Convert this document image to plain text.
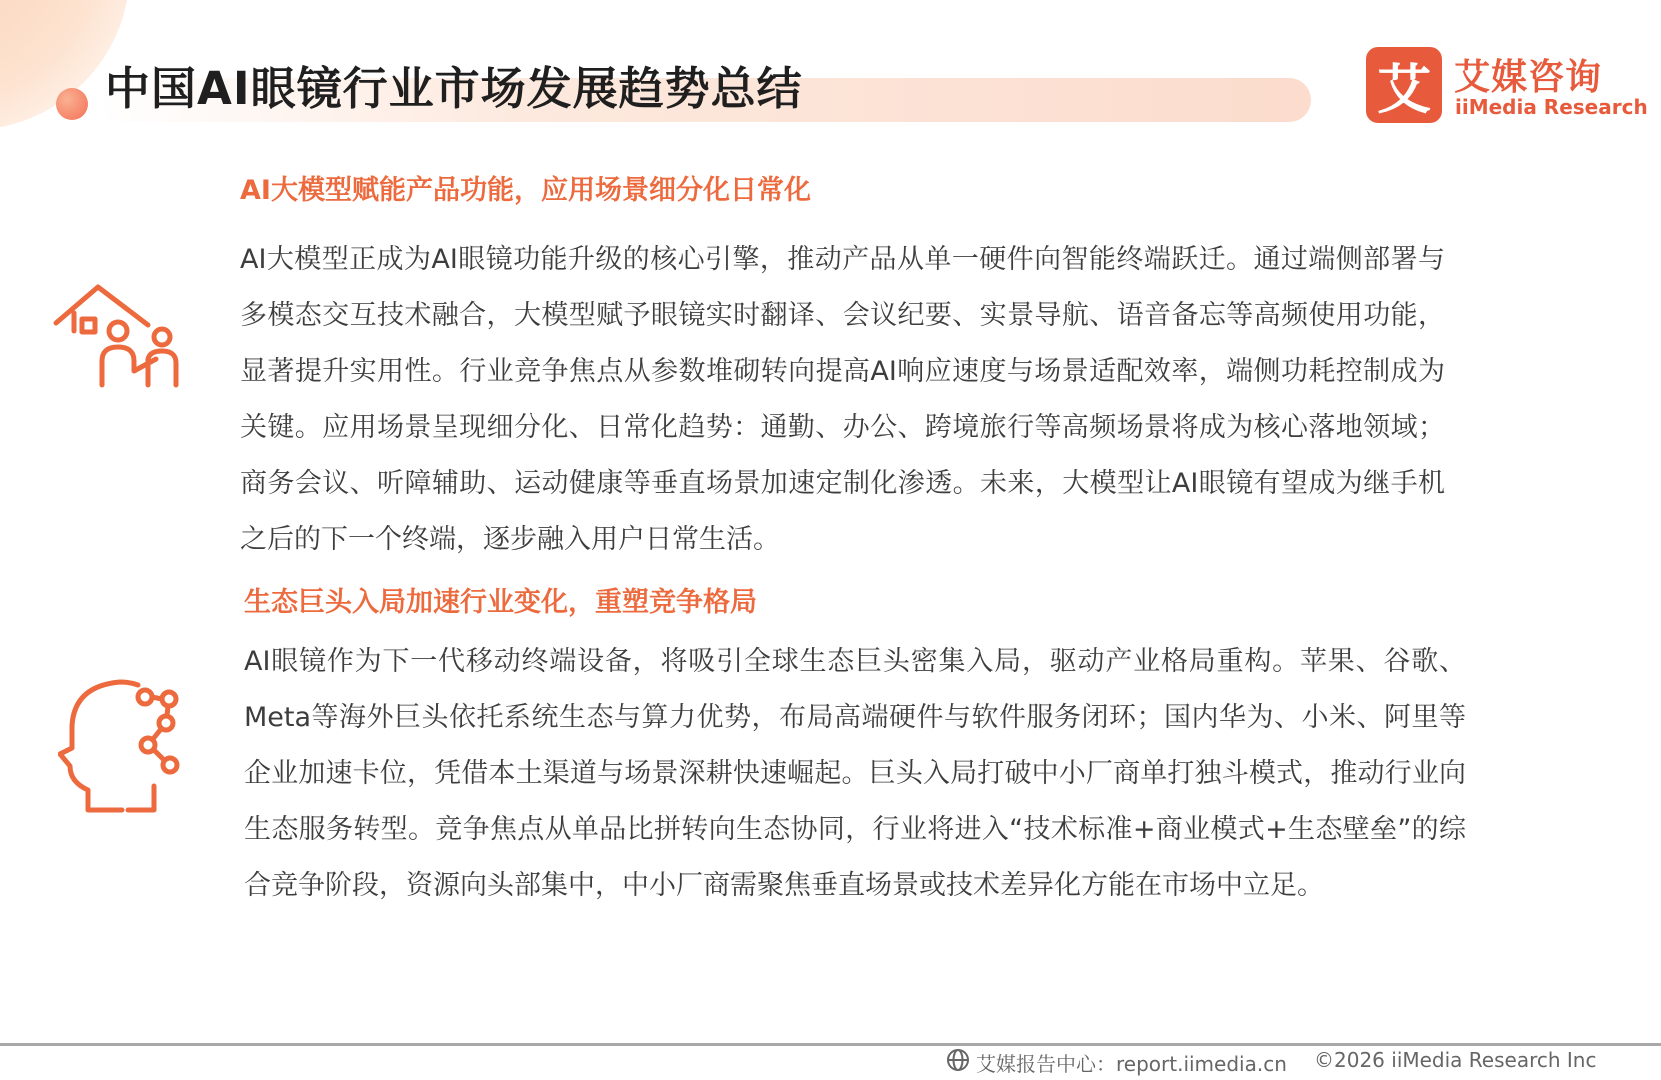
中国AI眼镜行业市场发展趋势总结	艾 艾媒咨询
iiMedia Research
AI大模型赋能产品功能，应用场景细分化日常化

AI大模型正成为AI眼镜功能升级的核心引擎，推动产品从单一硬件向智能终端跃迁。通过端侧部署与多模态交互技术融合，大模型赋予眼镜实时翻译、会议纪要、实景导航、语音备忘等高频使用功能，显著提升实用性。行业竞争焦点从参数堆砌转向提高AI响应速度与场景适配效率，端侧功耗控制成为关键。应用场景呈现细分化、日常化趋势：通勤、办公、跨境旅行等高频场景将成为核心落地领域；商务会议、听障辅助、运动健康等垂直场景加速定制化渗透。未来，大模型让AI眼镜有望成为继手机之后的下一个终端，逐步融入用户日常生活。

生态巨头入局加速行业变化，重塑竞争格局

AI眼镜作为下一代移动终端设备，将吸引全球生态巨头密集入局，驱动产业格局重构。苹果、谷歌、Meta等海外巨头依托系统生态与算力优势，布局高端硬件与软件服务闭环；国内华为、小米、阿里等企业加速卡位，凭借本土渠道与场景深耕快速崛起。巨头入局打破中小厂商单打独斗模式，推动行业向生态服务转型。竞争焦点从单品比拼转向生态协同，行业将进入“技术标准+商业模式+生态壁垒”的综合竞争阶段，资源向头部集中，中小厂商需聚焦垂直场景或技术差异化方能在市场中立足。

艾媒报告中心：report.iimedia.cn ©2026 iiMedia Research Inc
